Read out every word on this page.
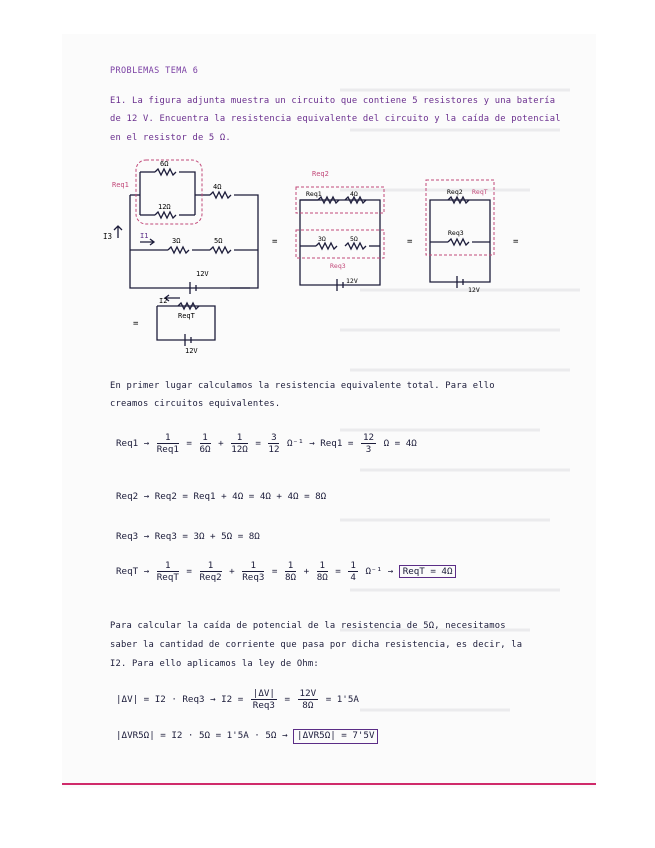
PROBLEMAS TEMA 6
E1. La figura adjunta muestra un circuito que contiene 5 resistores y una batería
de 12 V. Encuentra la resistencia equivalente del circuito y la caída de potencial
en el resistor de 5 Ω.
Req1
6Ω
12Ω
4Ω
3Ω	5Ω
12V
I3	I1
I2
ReqT
12V
=
=	=	=
Req2
Req1	4Ω
3Ω	5Ω
Req3
12V
Req2 ReqT
Req3
12V
En primer lugar calculamos la resistencia equivalente total. Para ello
creamos circuitos equivalentes.
$Req1 \to \frac{1}{\text{Req1}} = \frac{1}{6\Omega} + \frac{1}{12\Omega} = \frac{3}{12} \Omega^{-1} \to Req1 = \frac{12}{3}$ Ω = 4Ω
Req2 → Req2 = Req1 + 4Ω = 4Ω + 4Ω = 8Ω
Req3 → Req3 = 3Ω + 5Ω = 8Ω
ReqT → $\frac{1}{\text{ReqT}} = \frac{1}{\text{Req2}} + \frac{1}{\text{Req3}} = \frac{1}{8\Omega} + \frac{1}{8\Omega} = \frac{1}{4} \Omega^{-1}$ → ReqT = 4Ω
Para calcular la caída de potencial de la resistencia de 5Ω, necesitamos
saber la cantidad de corriente que pasa por dicha resistencia, es decir, la
I2. Para ello aplicamos la ley de Ohm:
$|\Delta V| = I2 \cdot Req3 \to I2 = \frac{|\Delta V|}{\text{Req3}} = \frac{12V}{8\Omega} = 1'5A$
|ΔVR5Ω| = I2 · 5Ω = 1'5A · 5Ω → |ΔVR5Ω| = 7'5V
